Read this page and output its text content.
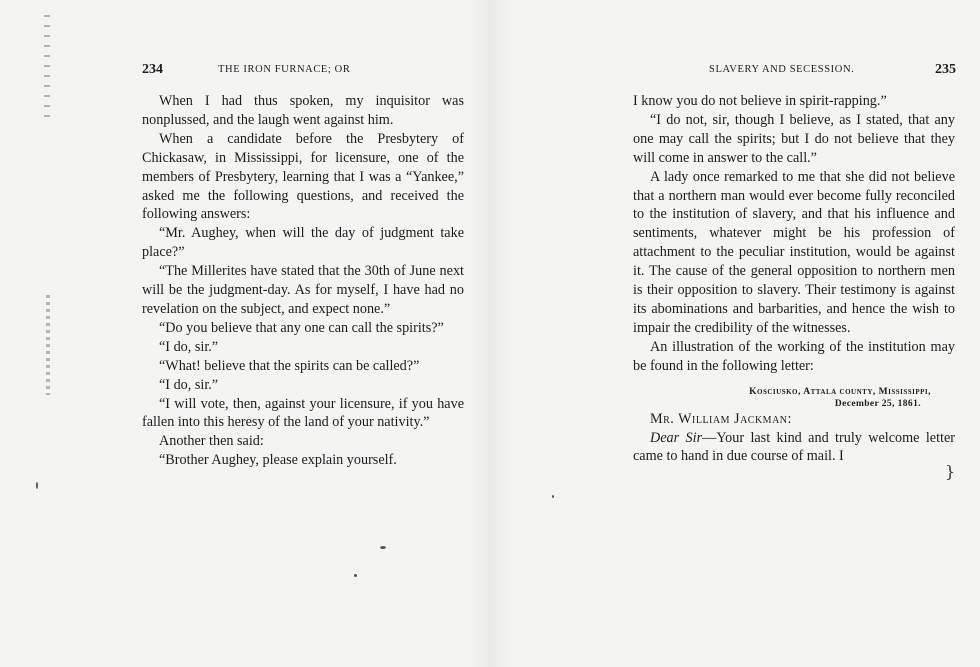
234	THE IRON FURNACE; OR

When I had thus spoken, my inquisitor was nonplussed, and the laugh went against him.

When a candidate before the Presbytery of Chickasaw, in Mississippi, for licensure, one of the members of Presbytery, learning that I was a “Yankee,” asked me the following questions, and received the following answers:

“Mr. Aughey, when will the day of judgment take place?”

“The Millerites have stated that the 30th of June next will be the judgment-day. As for myself, I have had no revelation on the subject, and expect none.”

“Do you believe that any one can call the spirits?”

“I do, sir.”

“What! believe that the spirits can be called?”

“I do, sir.”

“I will vote, then, against your licensure, if you have fallen into this heresy of the land of your nativity.”

Another then said:

“Brother Aughey, please explain yourself.

SLAVERY AND SECESSION.	235

I know you do not believe in spirit-rapping.”

“I do not, sir, though I believe, as I stated, that any one may call the spirits; but I do not believe that they will come in answer to the call.”

A lady once remarked to me that she did not believe that a northern man would ever become fully reconciled to the institution of slavery, and that his influence and sentiments, whatever might be his profession of attachment to the peculiar institution, would be against it. The cause of the general opposition to northern men is their opposition to slavery. Their testimony is against its abominations and barbarities, and hence the wish to impair the credibility of the witnesses.

An illustration of the working of the institution may be found in the following letter:

Kosciusko, Attala county, Mississippi,
December 25, 1861.

Mr. William Jackman:

Dear Sir—Your last kind and truly welcome letter came to hand in due course of mail. I

}
